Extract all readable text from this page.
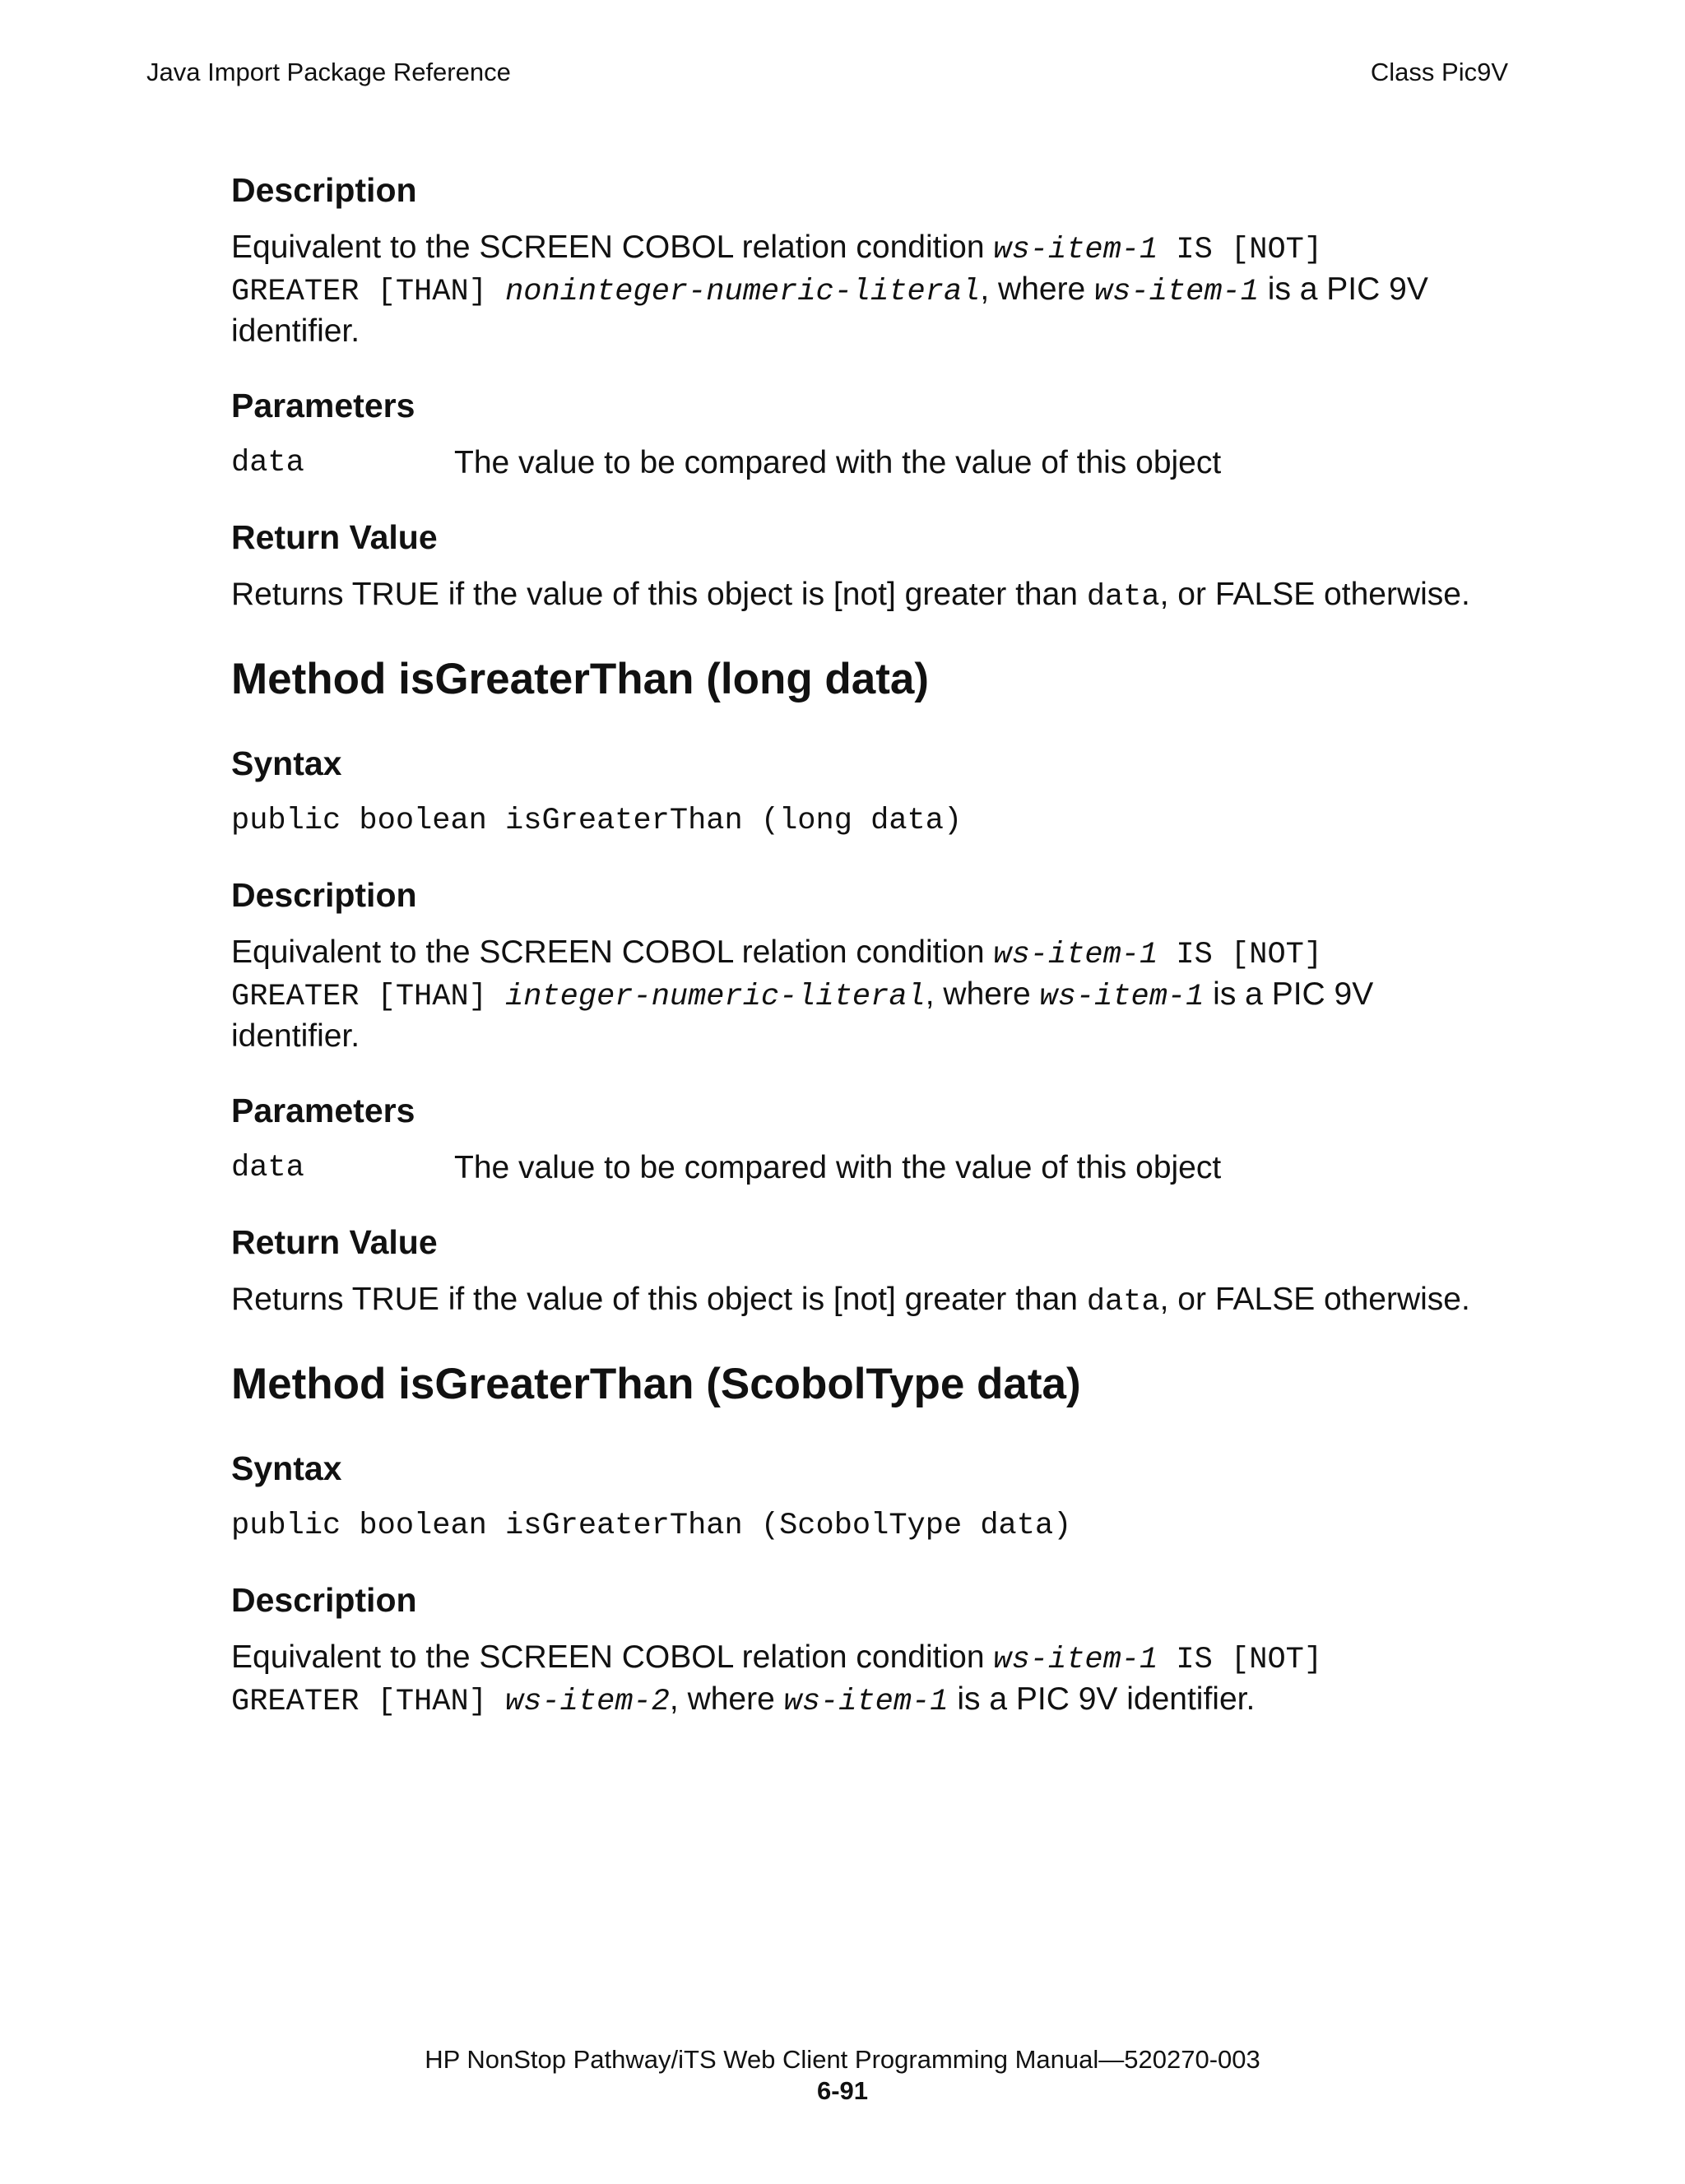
Java Import Package Reference	Class Pic9V
Description

Equivalent to the SCREEN COBOL relation condition ws-item-1 IS [NOT]
GREATER [THAN] noninteger-numeric-literal, where ws-item-1 is a PIC 9V identifier.

Parameters
data	The value to be compared with the value of this object
Return Value

Returns TRUE if the value of this object is [not] greater than data, or FALSE otherwise.

Method isGreaterThan (long data)
Syntax
public boolean isGreaterThan (long data)
Description

Equivalent to the SCREEN COBOL relation condition ws-item-1 IS [NOT]
GREATER [THAN] integer-numeric-literal, where ws-item-1 is a PIC 9V identifier.

Parameters
data	The value to be compared with the value of this object
Return Value

Returns TRUE if the value of this object is [not] greater than data, or FALSE otherwise.

Method isGreaterThan (ScobolType data)
Syntax
public boolean isGreaterThan (ScobolType data)
Description

Equivalent to the SCREEN COBOL relation condition ws-item-1 IS [NOT]
GREATER [THAN] ws-item-2, where ws-item-1 is a PIC 9V identifier.

HP NonStop Pathway/iTS Web Client Programming Manual—520270-003
6-91
